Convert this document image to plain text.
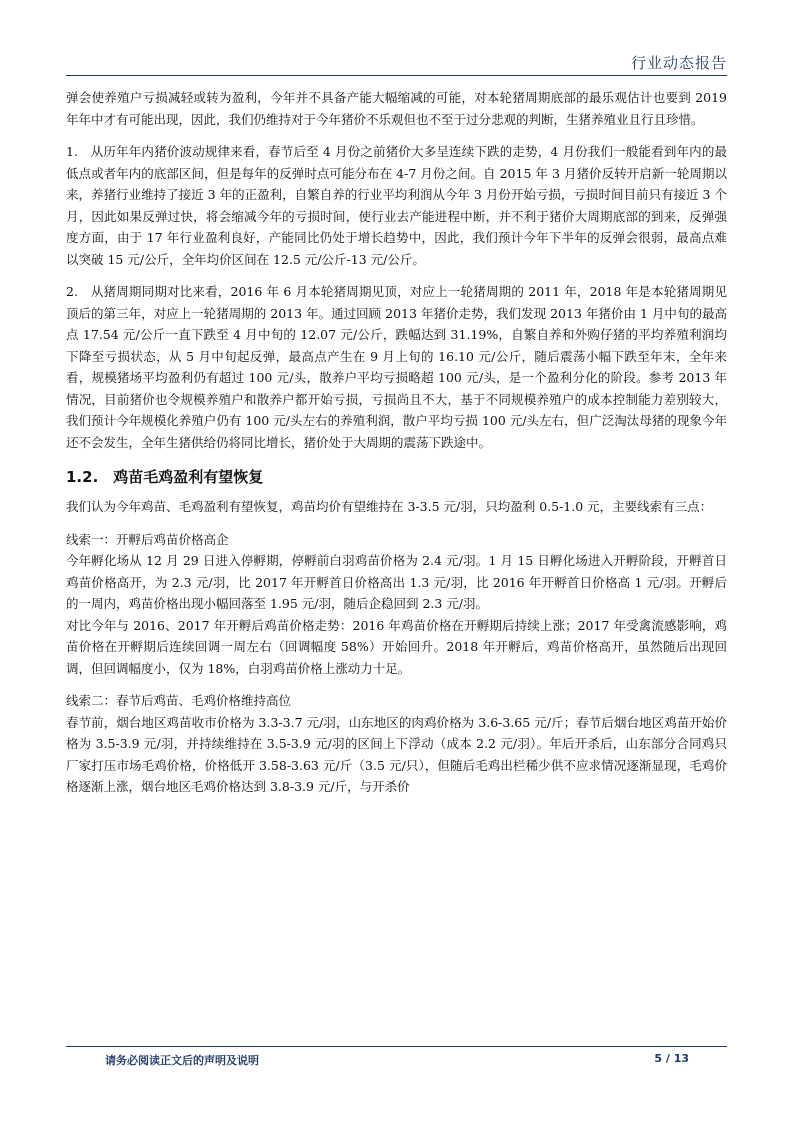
行业动态报告

弹会使养殖户亏损减轻或转为盈利，今年并不具备产能大幅缩减的可能，对本轮猪周期底部的最乐观估计也要到 2019 年年中才有可能出现，因此，我们仍维持对于今年猪价不乐观但也不至于过分悲观的判断，生猪养殖业且行且珍惜。

1.　从历年年内猪价波动规律来看，春节后至 4 月份之前猪价大多呈连续下跌的走势，4 月份我们一般能看到年内的最低点或者年内的底部区间，但是每年的反弹时点可能分布在 4-7 月份之间。自 2015 年 3 月猪价反转开启新一轮周期以来，养猪行业维持了接近 3 年的正盈利，自繁自养的行业平均利润从今年 3 月份开始亏损，亏损时间目前只有接近 3 个月，因此如果反弹过快，将会缩减今年的亏损时间，使行业去产能进程中断，并不利于猪价大周期底部的到来，反弹强度方面，由于 17 年行业盈利良好，产能同比仍处于增长趋势中，因此，我们预计今年下半年的反弹会很弱，最高点难以突破 15 元/公斤，全年均价区间在 12.5 元/公斤-13 元/公斤。

2.　从猪周期同期对比来看，2016 年 6 月本轮猪周期见顶，对应上一轮猪周期的 2011 年，2018 年是本轮猪周期见顶后的第三年，对应上一轮猪周期的 2013 年。通过回顾 2013 年猪价走势，我们发现 2013 年猪价由 1 月中旬的最高点 17.54 元/公斤一直下跌至 4 月中旬的 12.07 元/公斤，跌幅达到 31.19%，自繁自养和外购仔猪的平均养殖利润均下降至亏损状态，从 5 月中旬起反弹，最高点产生在 9 月上旬的 16.10 元/公斤，随后震荡小幅下跌至年末，全年来看，规模猪场平均盈利仍有超过 100 元/头，散养户平均亏损略超 100 元/头，是一个盈利分化的阶段。参考 2013 年情况，目前猪价也令规模养殖户和散养户都开始亏损，亏损尚且不大，基于不同规模养殖户的成本控制能力差别较大，我们预计今年规模化养殖户仍有 100 元/头左右的养殖利润，散户平均亏损 100 元/头左右，但广泛淘汰母猪的现象今年还不会发生，全年生猪供给仍将同比增长，猪价处于大周期的震荡下跌途中。

1.2.　鸡苗毛鸡盈利有望恢复

我们认为今年鸡苗、毛鸡盈利有望恢复，鸡苗均价有望维持在 3-3.5 元/羽，只均盈利 0.5-1.0 元，主要线索有三点：

线索一：开孵后鸡苗价格高企

今年孵化场从 12 月 29 日进入停孵期，停孵前白羽鸡苗价格为 2.4 元/羽。1 月 15 日孵化场进入开孵阶段，开孵首日鸡苗价格高开，为 2.3 元/羽，比 2017 年开孵首日价格高出 1.3 元/羽，比 2016 年开孵首日价格高 1 元/羽。开孵后的一周内，鸡苗价格出现小幅回落至 1.95 元/羽，随后企稳回到 2.3 元/羽。

对比今年与 2016、2017 年开孵后鸡苗价格走势：2016 年鸡苗价格在开孵期后持续上涨；2017 年受禽流感影响，鸡苗价格在开孵期后连续回调一周左右（回调幅度 58%）开始回升。2018 年开孵后，鸡苗价格高开，虽然随后出现回调，但回调幅度小，仅为 18%，白羽鸡苗价格上涨动力十足。

线索二：春节后鸡苗、毛鸡价格维持高位

春节前，烟台地区鸡苗收市价格为 3.3-3.7 元/羽，山东地区的肉鸡价格为 3.6-3.65 元/斤；春节后烟台地区鸡苗开始价格为 3.5-3.9 元/羽，并持续维持在 3.5-3.9 元/羽的区间上下浮动（成本 2.2 元/羽）。年后开杀后，山东部分合同鸡只厂家打压市场毛鸡价格，价格低开 3.58-3.63 元/斤（3.5 元/只），但随后毛鸡出栏稀少供不应求情况逐渐显现，毛鸡价格逐渐上涨，烟台地区毛鸡价格达到 3.8-3.9 元/斤，与开杀价

请务必阅读正文后的声明及说明	5 / 13
